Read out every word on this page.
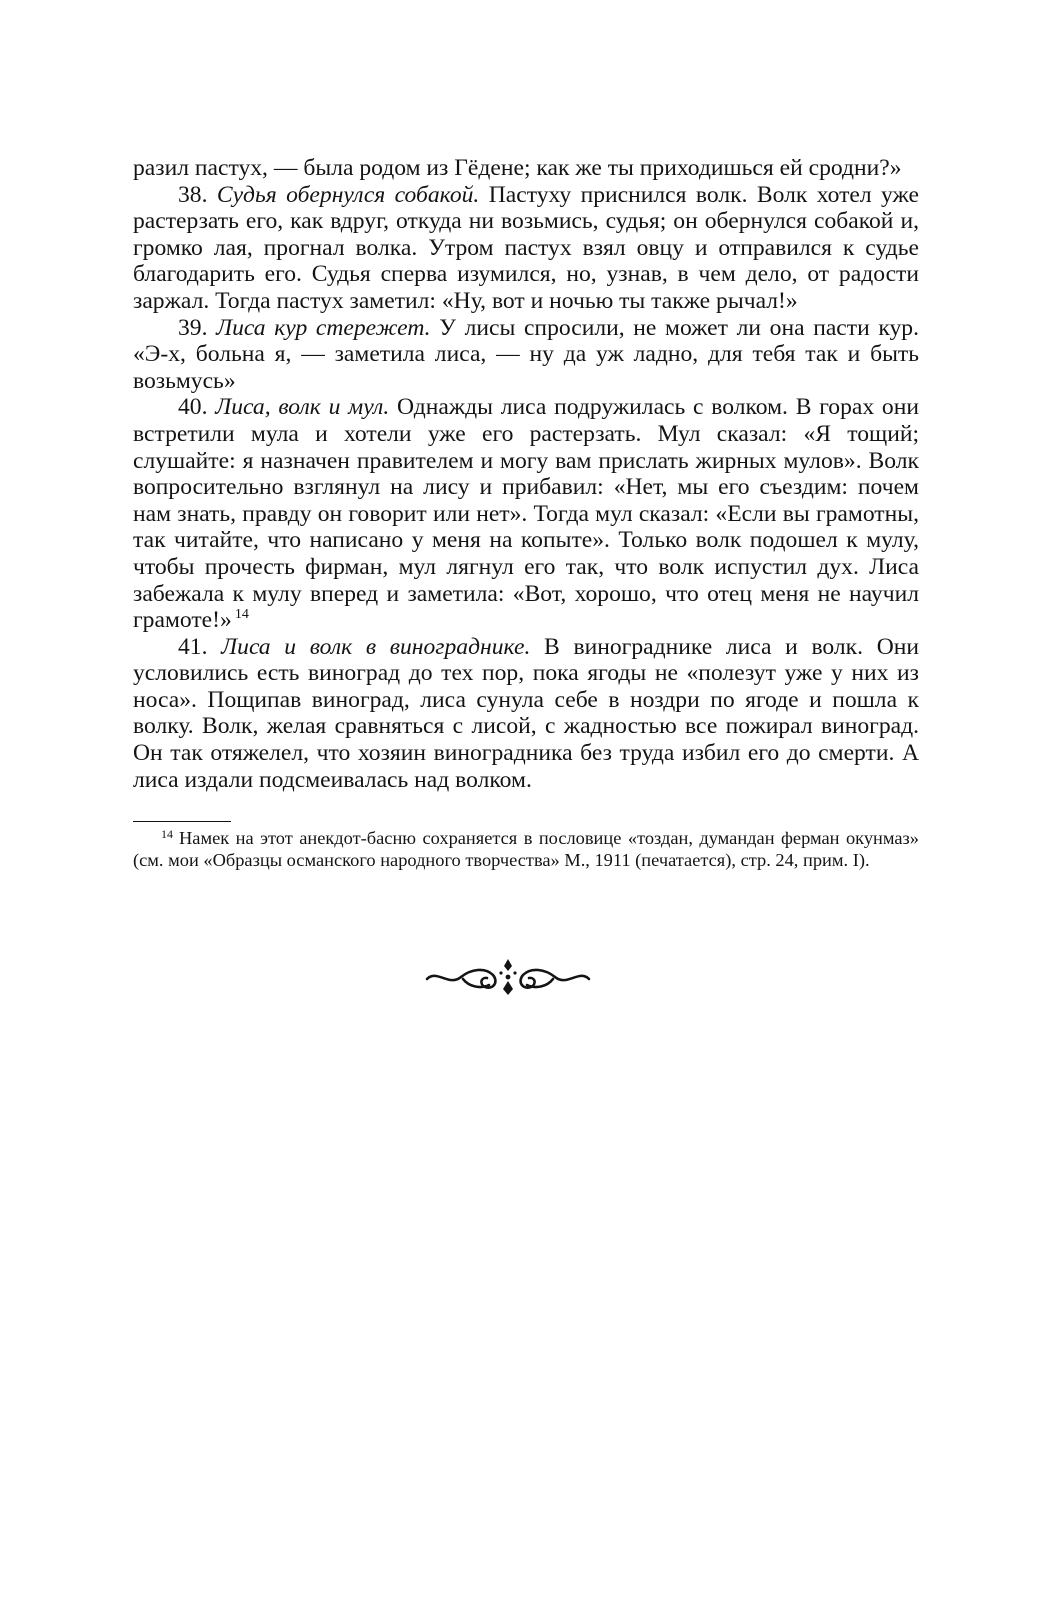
разил пастух, — была родом из Гёдене; как же ты приходишься ей сродни?»

38. Судья обернулся собакой. Пастуху приснился волк. Волк хотел уже растерзать его, как вдруг, откуда ни возьмись, судья; он обернулся собакой и, громко лая, прогнал волка. Утром пастух взял овцу и отправился к судье благодарить его. Судья сперва изумился, но, узнав, в чем дело, от радости заржал. Тогда пастух заметил: «Ну, вот и ночью ты также рычал!»

39. Лиса кур стережет. У лисы спросили, не может ли она пасти кур. «Э-х, больна я, — заметила лиса, — ну да уж ладно, для тебя так и быть возьмусь»

40. Лиса, волк и мул. Однажды лиса подружилась с волком. В горах они встретили мула и хотели уже его растерзать. Мул сказал: «Я тощий; слушайте: я назначен правителем и могу вам прислать жирных мулов». Волк вопросительно взглянул на лису и прибавил: «Нет, мы его съездим: почем нам знать, правду он говорит или нет». Тогда мул сказал: «Если вы грамотны, так читайте, что написано у меня на копыте». Только волк подошел к мулу, чтобы прочесть фирман, мул лягнул его так, что волк испустил дух. Лиса забежала к мулу вперед и заметила: «Вот, хорошо, что отец меня не научил грамоте!» $^{14}$

41. Лиса и волк в винограднике. В винограднике лиса и волк. Они условились есть виноград до тех пор, пока ягоды не «полезут уже у них из носа». Пощипав виноград, лиса сунула себе в ноздри по ягоде и пошла к волку. Волк, желая сравняться с лисой, с жадностью все пожирал виноград. Он так отяжелел, что хозяин виноградника без труда избил его до смерти. А лиса издали подсмеивалась над волком.

$^{14}$ Намек на этот анекдот-басню сохраняется в пословице «тоздан, думандан ферман окунмаз» (см. мои «Образцы османского народного творчества» М., 1911 (печатается), стр. 24, прим. I).
